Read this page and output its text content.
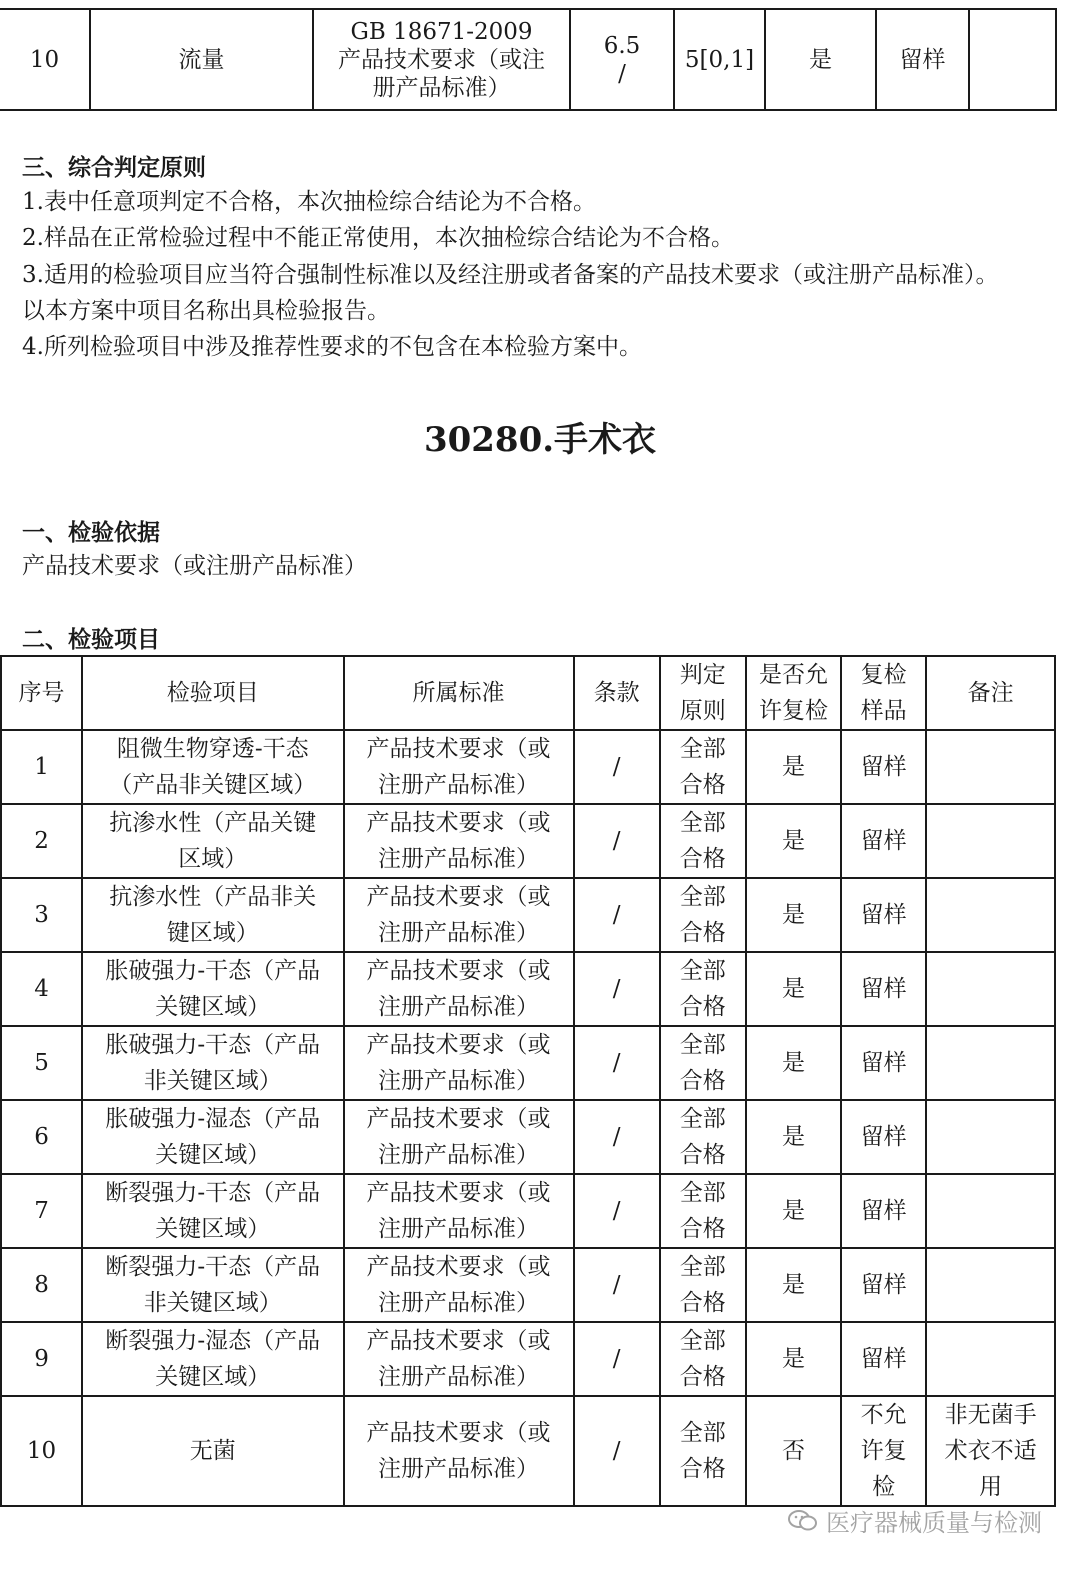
10	流量	GB 18671-2009
产品技术要求（或注
册产品标准）	6.5
/	5[0,1]	是	留样	
三、综合判定原则

1.表中任意项判定不合格，本次抽检综合结论为不合格。

2.样品在正常检验过程中不能正常使用，本次抽检综合结论为不合格。

3.适用的检验项目应当符合强制性标准以及经注册或者备案的产品技术要求（或注册产品标准）。

以本方案中项目名称出具检验报告。

4.所列检验项目中涉及推荐性要求的不包含在本检验方案中。

30280.手术衣
一、检验依据

产品技术要求（或注册产品标准）

二、检验项目
序号	检验项目	所属标准	条款	判定
原则	是否允
许复检	复检
样品	备注
1	阻微生物穿透-干态
（产品非关键区域）	产品技术要求（或
注册产品标准）	/	全部
合格	是	留样	
2	抗渗水性（产品关键
区域）	产品技术要求（或
注册产品标准）	/	全部
合格	是	留样	
3	抗渗水性（产品非关
键区域）	产品技术要求（或
注册产品标准）	/	全部
合格	是	留样	
4	胀破强力-干态（产品
关键区域）	产品技术要求（或
注册产品标准）	/	全部
合格	是	留样	
5	胀破强力-干态（产品
非关键区域）	产品技术要求（或
注册产品标准）	/	全部
合格	是	留样	
6	胀破强力-湿态（产品
关键区域）	产品技术要求（或
注册产品标准）	/	全部
合格	是	留样	
7	断裂强力-干态（产品
关键区域）	产品技术要求（或
注册产品标准）	/	全部
合格	是	留样	
8	断裂强力-干态（产品
非关键区域）	产品技术要求（或
注册产品标准）	/	全部
合格	是	留样	
9	断裂强力-湿态（产品
关键区域）	产品技术要求（或
注册产品标准）	/	全部
合格	是	留样	
10	无菌	产品技术要求（或
注册产品标准）	/	全部
合格	否	不允
许复
检	非无菌手
术衣不适
用
医疗器械质量与检测
